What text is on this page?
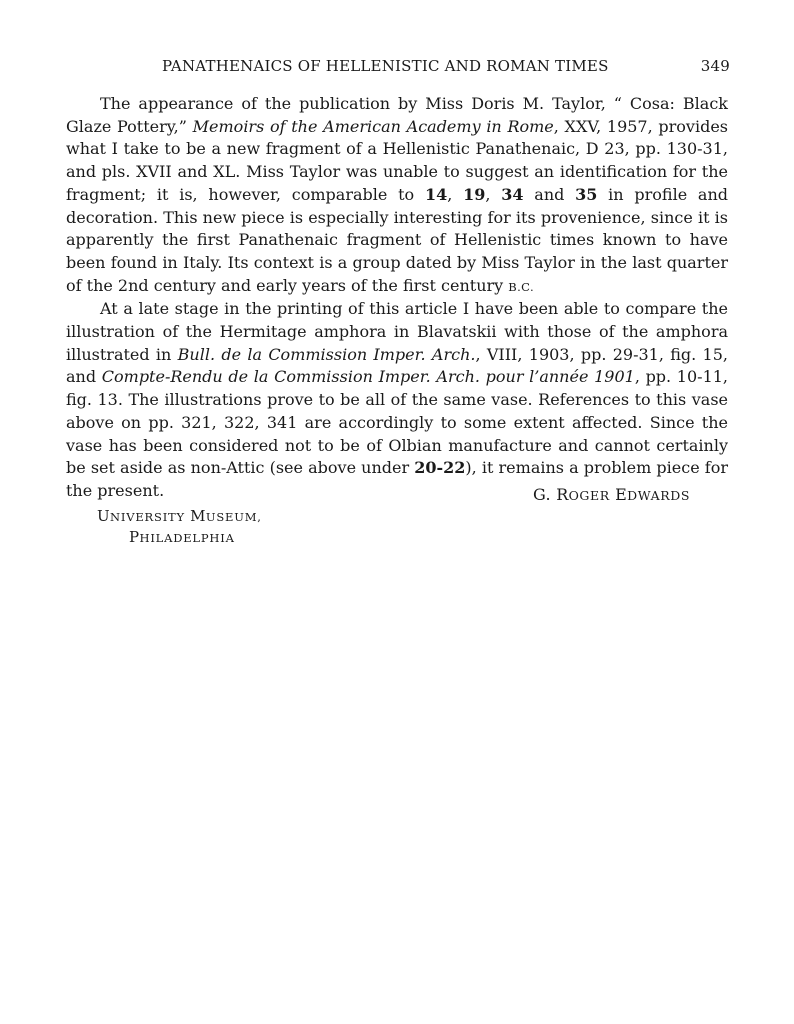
PANATHENAICS OF HELLENISTIC AND ROMAN TIMES	349

The appearance of the publication by Miss Doris M. Taylor, “ Cosa: Black Glaze Pottery,” Memoirs of the American Academy in Rome, XXV, 1957, provides what I take to be a new fragment of a Hellenistic Panathenaic, D 23, pp. 130-31, and pls. XVII and XL. Miss Taylor was unable to suggest an identification for the fragment; it is, however, comparable to 14, 19, 34 and 35 in profile and decoration. This new piece is especially interesting for its provenience, since it is apparently the first Panathenaic fragment of Hellenistic times known to have been found in Italy. Its context is a group dated by Miss Taylor in the last quarter of the 2nd century and early years of the first century B.C.

At a late stage in the printing of this article I have been able to compare the illustration of the Hermitage amphora in Blavatskii with those of the amphora illustrated in Bull. de la Commission Imper. Arch., VIII, 1903, pp. 29-31, fig. 15, and Compte-Rendu de la Commission Imper. Arch. pour l’année 1901, pp. 10-11, fig. 13. The illustrations prove to be all of the same vase. References to this vase above on pp. 321, 322, 341 are accordingly to some extent affected. Since the vase has been considered not to be of Olbian manufacture and cannot certainly be set aside as non-Attic (see above under 20-22), it remains a problem piece for the present.	G. ROGER EDWARDS
UNIVERSITY MUSEUM,
PHILADELPHIA
